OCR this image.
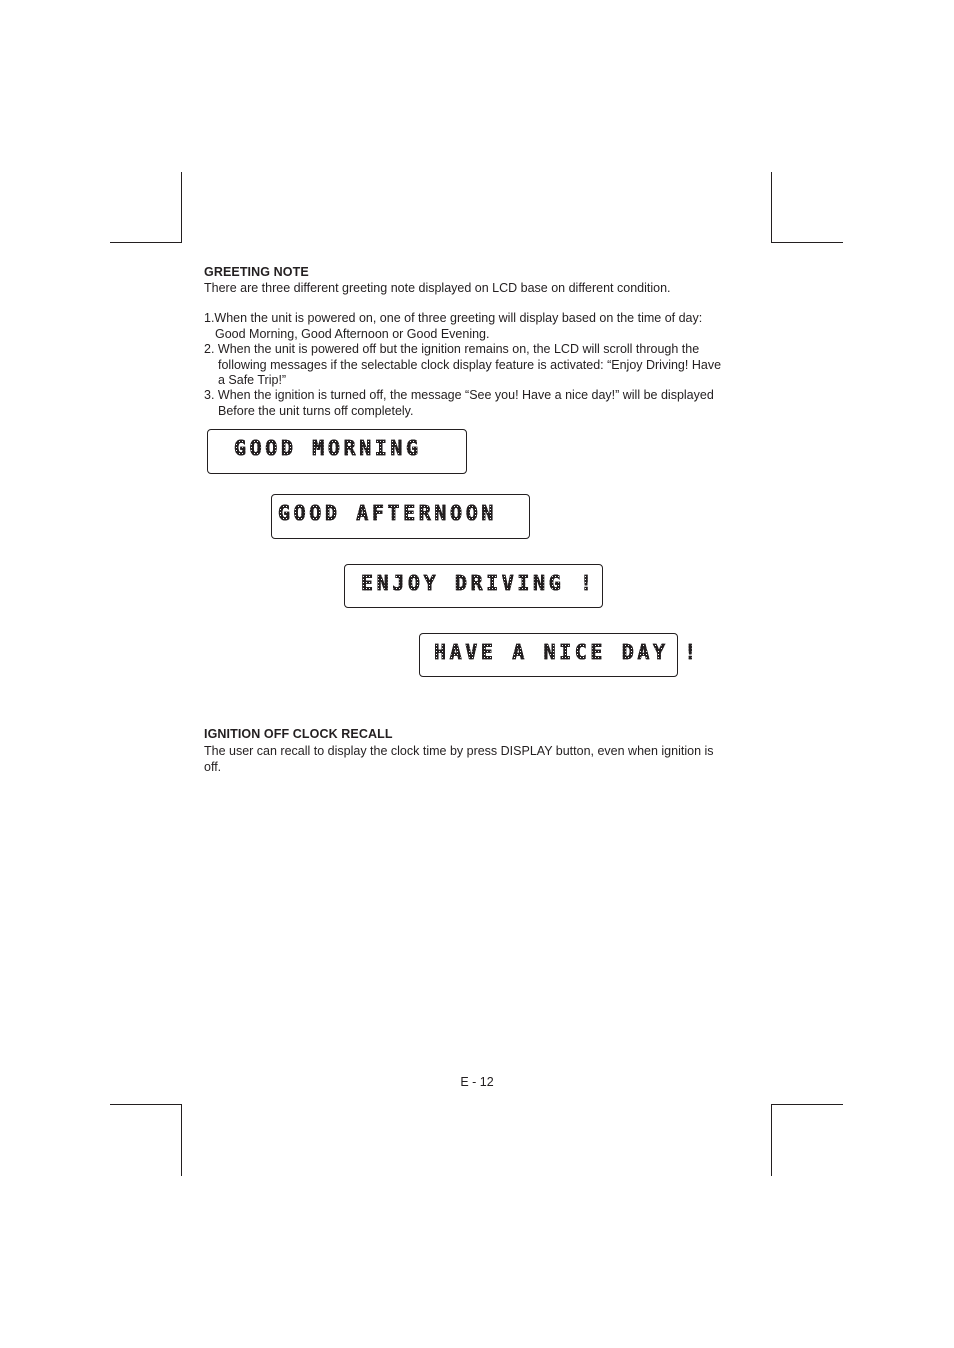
GREETING NOTE

There are three different greeting note displayed on LCD base on different condition.

1.When the unit is powered on, one of three greeting will display based on the time of day:
Good Morning, Good Afternoon or Good Evening.
2. When the unit is powered off but the ignition remains on, the LCD will scroll through the
following messages if the selectable clock display feature is activated: “Enjoy Driving! Have
a Safe Trip!”
3. When the ignition is turned off, the message “See you! Have a nice day!” will be displayed
Before the unit turns off completely.
GOOD MORNING
GOOD AFTERNOON
ENJOY DRIVING !
HAVE A NICE DAY !
IGNITION OFF CLOCK RECALL

The user can recall to display the clock time by press DISPLAY button, even when ignition is

off.

E - 12
